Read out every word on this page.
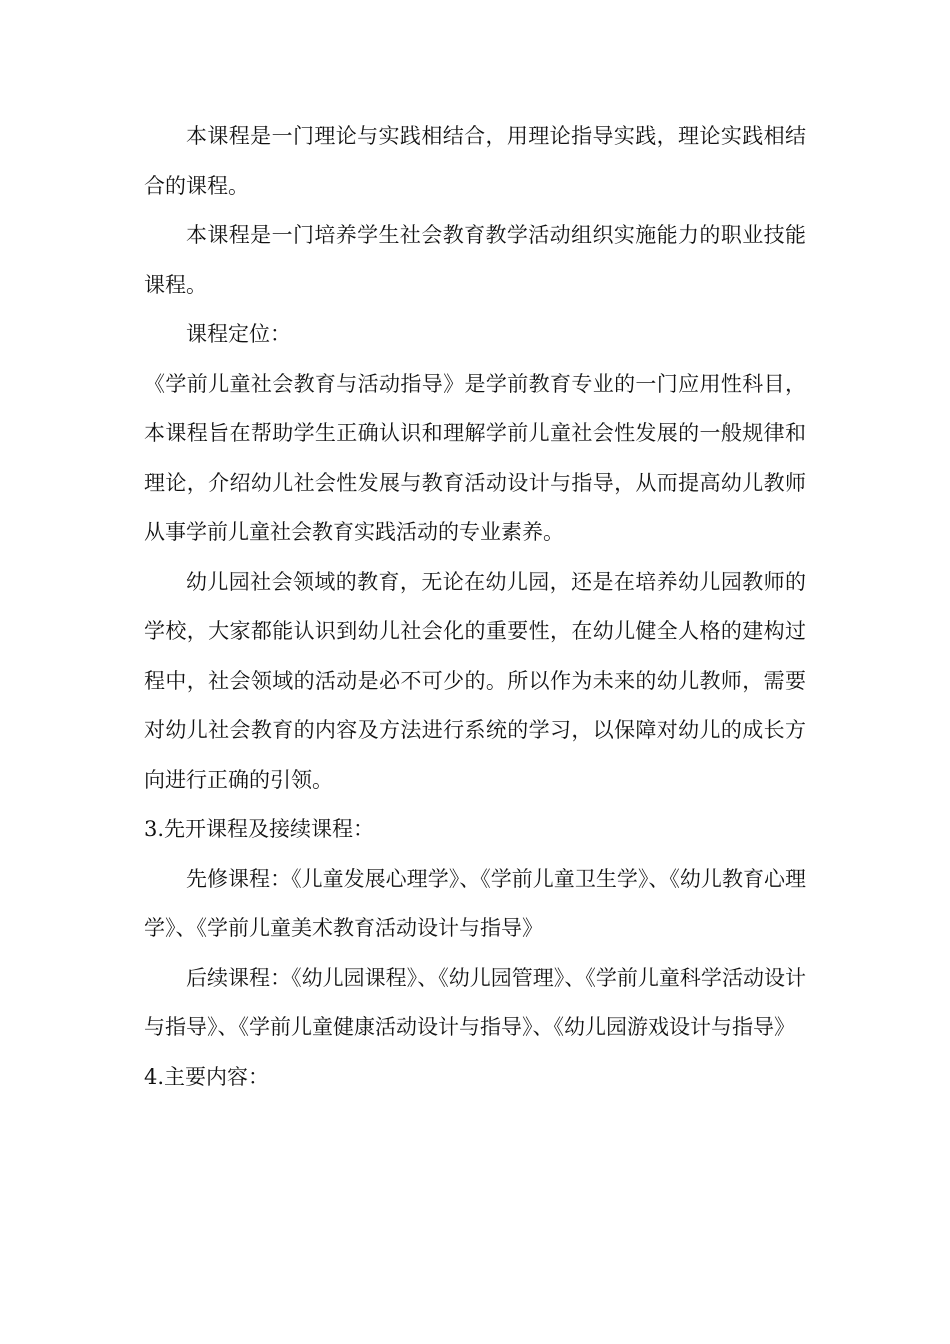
本课程是一门理论与实践相结合，用理论指导实践，理论实践相结合的课程。

本课程是一门培养学生社会教育教学活动组织实施能力的职业技能课程。

课程定位：

《学前儿童社会教育与活动指导》是学前教育专业的一门应用性科目，本课程旨在帮助学生正确认识和理解学前儿童社会性发展的一般规律和理论，介绍幼儿社会性发展与教育活动设计与指导，从而提高幼儿教师从事学前儿童社会教育实践活动的专业素养。

幼儿园社会领域的教育，无论在幼儿园，还是在培养幼儿园教师的学校，大家都能认识到幼儿社会化的重要性，在幼儿健全人格的建构过程中，社会领域的活动是必不可少的。所以作为未来的幼儿教师，需要对幼儿社会教育的内容及方法进行系统的学习，以保障对幼儿的成长方向进行正确的引领。

3.先开课程及接续课程：

先修课程：《儿童发展心理学》、《学前儿童卫生学》、《幼儿教育心理学》、《学前儿童美术教育活动设计与指导》

后续课程：《幼儿园课程》、《幼儿园管理》、《学前儿童科学活动设计与指导》、《学前儿童健康活动设计与指导》、《幼儿园游戏设计与指导》

4.主要内容：
